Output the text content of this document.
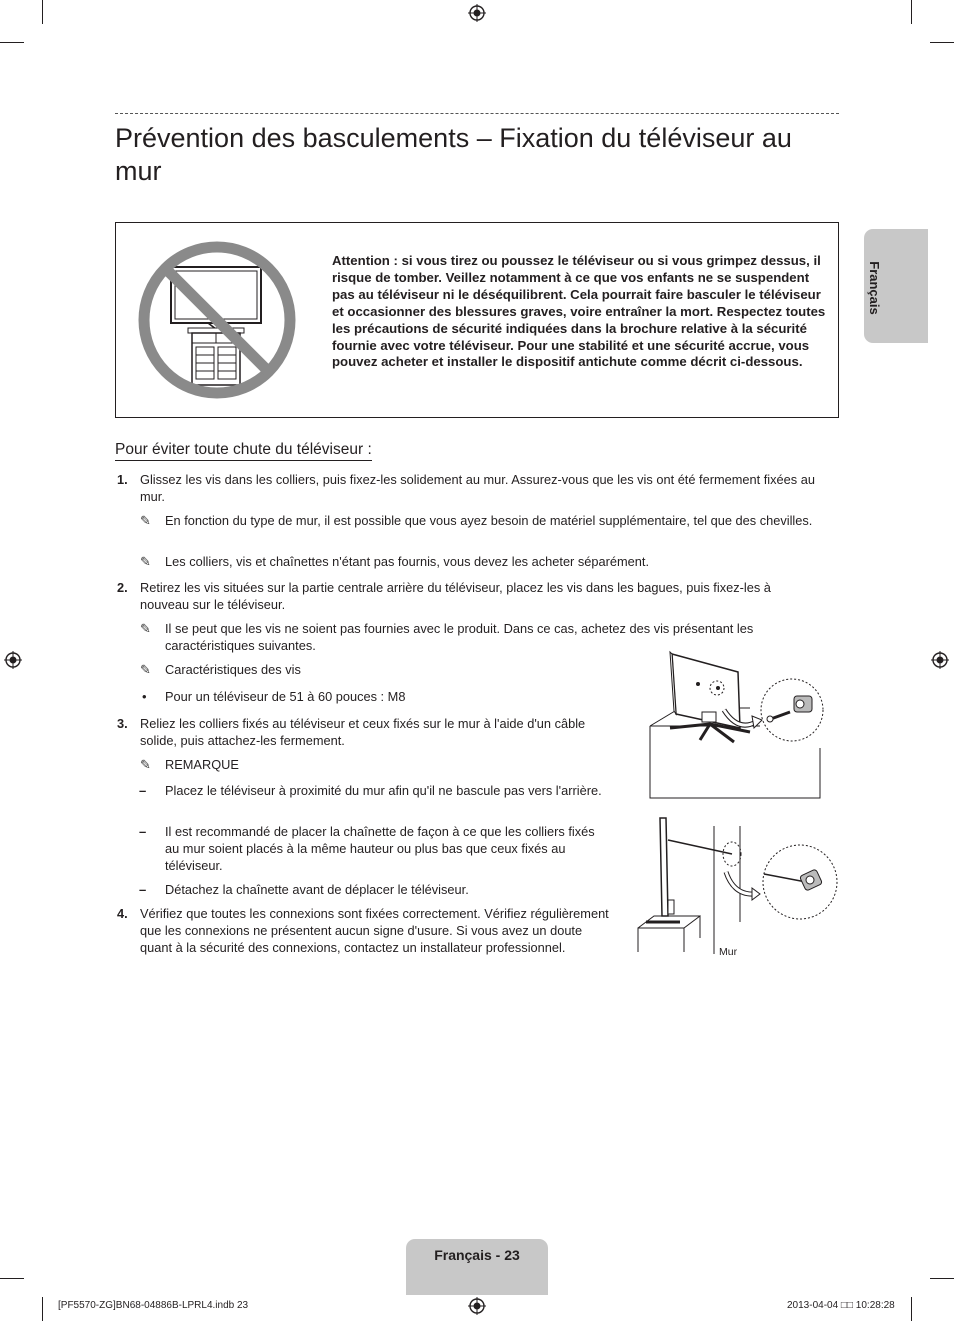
Prévention des basculements – Fixation du téléviseur au mur
Français
Attention : si vous tirez ou poussez le téléviseur ou si vous grimpez dessus, il risque de tomber. Veillez notamment à ce que vos enfants ne se suspendent pas au téléviseur ni le déséquilibrent. Cela pourrait faire basculer le téléviseur et occasionner des blessures graves, voire entraîner la mort. Respectez toutes les précautions de sécurité indiquées dans la brochure relative à la sécurité fournie avec votre téléviseur. Pour une stabilité et une sécurité accrue, vous pouvez acheter et installer le dispositif antichute comme décrit ci-dessous.
Pour éviter toute chute du téléviseur :
1. Glissez les vis dans les colliers, puis fixez-les solidement au mur. Assurez-vous que les vis ont été fermement fixées au mur.
✎ En fonction du type de mur, il est possible que vous ayez besoin de matériel supplémentaire, tel que des chevilles.
✎ Les colliers, vis et chaînettes n'étant pas fournis, vous devez les acheter séparément.
2. Retirez les vis situées sur la partie centrale arrière du téléviseur, placez les vis dans les bagues, puis fixez-les à nouveau sur le téléviseur.
✎ Il se peut que les vis ne soient pas fournies avec le produit. Dans ce cas, achetez des vis présentant les caractéristiques suivantes.
✎ Caractéristiques des vis
• Pour un téléviseur de 51 à 60 pouces : M8
3. Reliez les colliers fixés au téléviseur et ceux fixés sur le mur à l'aide d'un câble solide, puis attachez-les fermement.
✎ REMARQUE
– Placez le téléviseur à proximité du mur afin qu'il ne bascule pas vers l'arrière.
– Il est recommandé de placer la chaînette de façon à ce que les colliers fixés au mur soient placés à la même hauteur ou plus bas que ceux fixés au téléviseur.
– Détachez la chaînette avant de déplacer le téléviseur.
4. Vérifiez que toutes les connexions sont fixées correctement. Vérifiez régulièrement que les connexions ne présentent aucun signe d'usure. Si vous avez un doute quant à la sécurité des connexions, contactez un installateur professionnel.	Mur
Français - 23
[PF5570-ZG]BN68-04886B-LPRL4.indb 23	2013-04-04 □□ 10:28:28
